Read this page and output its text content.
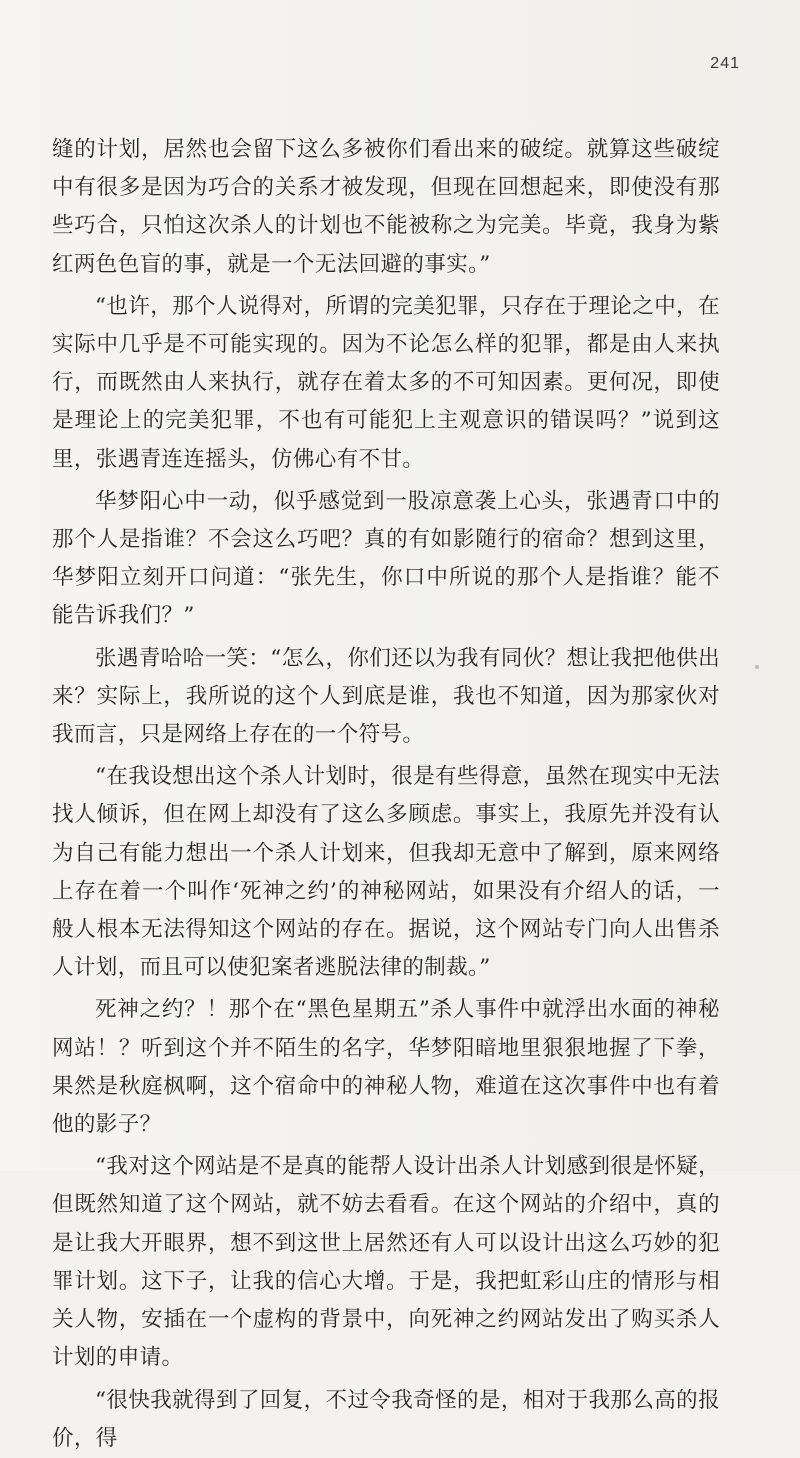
241

缝的计划，居然也会留下这么多被你们看出来的破绽。就算这些破绽中有很多是因为巧合的关系才被发现，但现在回想起来，即使没有那些巧合，只怕这次杀人的计划也不能被称之为完美。毕竟，我身为紫红两色色盲的事，就是一个无法回避的事实。”

“也许，那个人说得对，所谓的完美犯罪，只存在于理论之中，在实际中几乎是不可能实现的。因为不论怎么样的犯罪，都是由人来执行，而既然由人来执行，就存在着太多的不可知因素。更何况，即使是理论上的完美犯罪，不也有可能犯上主观意识的错误吗？”说到这里，张遇青连连摇头，仿佛心有不甘。

华梦阳心中一动，似乎感觉到一股凉意袭上心头，张遇青口中的那个人是指谁？不会这么巧吧？真的有如影随行的宿命？想到这里，华梦阳立刻开口问道：“张先生，你口中所说的那个人是指谁？能不能告诉我们？”

张遇青哈哈一笑：“怎么，你们还以为我有同伙？想让我把他供出来？实际上，我所说的这个人到底是谁，我也不知道，因为那家伙对我而言，只是网络上存在的一个符号。

“在我设想出这个杀人计划时，很是有些得意，虽然在现实中无法找人倾诉，但在网上却没有了这么多顾虑。事实上，我原先并没有认为自己有能力想出一个杀人计划来，但我却无意中了解到，原来网络上存在着一个叫作‘死神之约’的神秘网站，如果没有介绍人的话，一般人根本无法得知这个网站的存在。据说，这个网站专门向人出售杀人计划，而且可以使犯案者逃脱法律的制裁。”

死神之约？！那个在“黑色星期五”杀人事件中就浮出水面的神秘网站！？听到这个并不陌生的名字，华梦阳暗地里狠狠地握了下拳，果然是秋庭枫啊，这个宿命中的神秘人物，难道在这次事件中也有着他的影子？

“我对这个网站是不是真的能帮人设计出杀人计划感到很是怀疑，但既然知道了这个网站，就不妨去看看。在这个网站的介绍中，真的是让我大开眼界，想不到这世上居然还有人可以设计出这么巧妙的犯罪计划。这下子，让我的信心大增。于是，我把虹彩山庄的情形与相关人物，安插在一个虚构的背景中，向死神之约网站发出了购买杀人计划的申请。

“很快我就得到了回复，不过令我奇怪的是，相对于我那么高的报价，得
